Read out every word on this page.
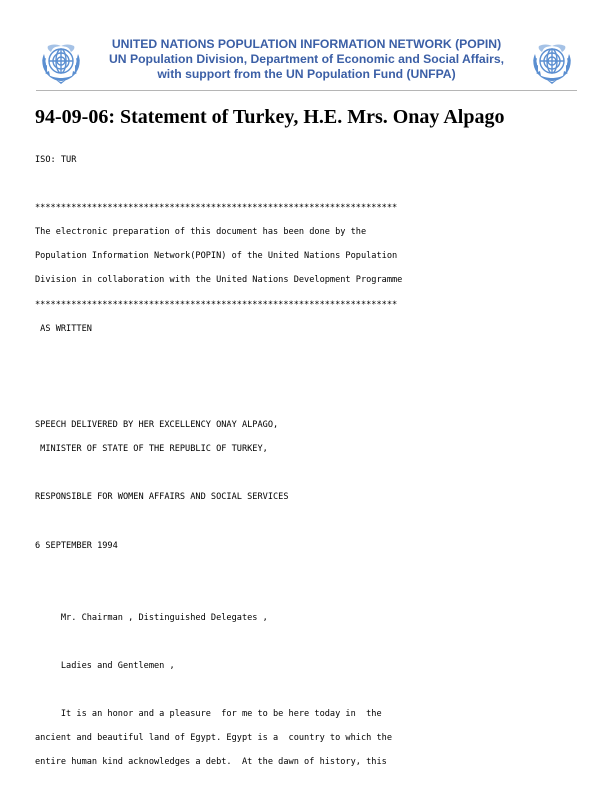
UNITED NATIONS POPULATION INFORMATION NETWORK (POPIN)
UN Population Division, Department of Economic and Social Affairs,
with support from the UN Population Fund (UNFPA)
94-09-06: Statement of Turkey, H.E. Mrs. Onay Alpago
ISO: TUR
**********************************************************************
The electronic preparation of this document has been done by the
Population Information Network(POPIN) of the United Nations Population
Division in collaboration with the United Nations Development Programme
**********************************************************************
AS WRITTEN
SPEECH DELIVERED BY HER EXCELLENCY ONAY ALPAGO,
MINISTER OF STATE OF THE REPUBLIC OF TURKEY,
RESPONSIBLE FOR WOMEN AFFAIRS AND SOCIAL SERVICES
6 SEPTEMBER 1994
Mr. Chairman , Distinguished Delegates ,
Ladies and Gentlemen ,
It is an honor and a pleasure  for me to be here today in  the
ancient and beautiful land of Egypt. Egypt is a  country to which the
entire human kind acknowledges a debt.  At the dawn of history, this
